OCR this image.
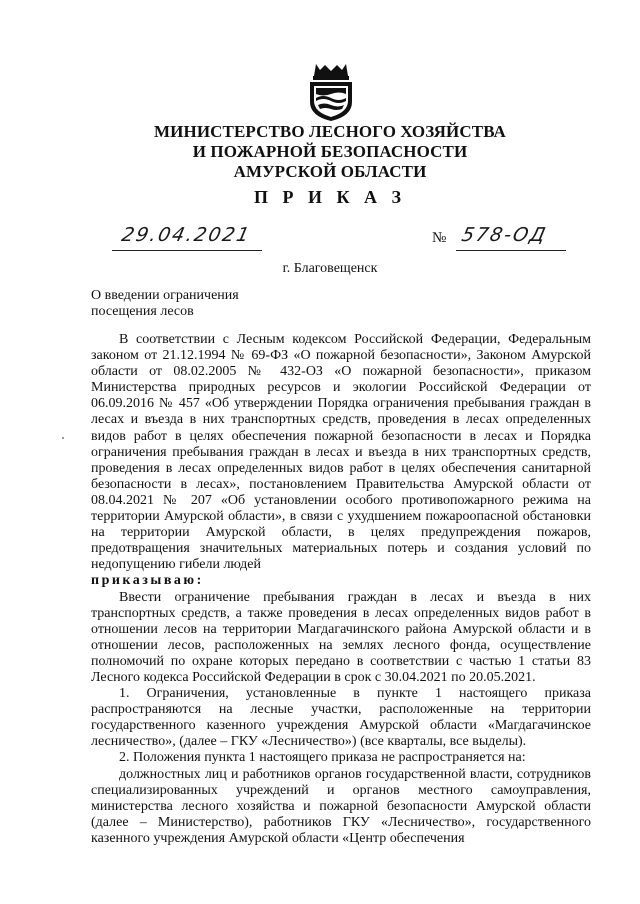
МИНИСТЕРСТВО ЛЕСНОГО ХОЗЯЙСТВА
И ПОЖАРНОЙ БЕЗОПАСНОСТИ
АМУРСКОЙ ОБЛАСТИ
П Р И К А З
29.04.2021	№ 578-ОД
г. Благовещенск
О введении ограничения
посещения лесов

В соответствии с Лесным кодексом Российской Федерации, Федеральным законом от 21.12.1994 № 69-ФЗ «О пожарной безопасности», Законом Амурской области от 08.02.2005 № 432-ОЗ «О пожарной безопасности», приказом Министерства природных ресурсов и экологии Российской Федерации от 06.09.2016 № 457 «Об утверждении Порядка ограничения пребывания граждан в лесах и въезда в них транспортных средств, проведения в лесах определенных видов работ в целях обеспечения пожарной безопасности в лесах и Порядка ограничения пребывания граждан в лесах и въезда в них транспортных средств, проведения в лесах определенных видов работ в целях обеспечения санитарной безопасности в лесах», постановлением Правительства Амурской области от 08.04.2021 № 207 «Об установлении особого противопожарного режима на территории Амурской области», в связи с ухудшением пожароопасной обстановки на территории Амурской области, в целях предупреждения пожаров, предотвращения значительных материальных потерь и создания условий по недопущению гибели людей

приказываю:

Ввести ограничение пребывания граждан в лесах и въезда в них транспортных средств, а также проведения в лесах определенных видов работ в отношении лесов на территории Магдагачинского района Амурской области и в отношении лесов, расположенных на землях лесного фонда, осуществление полномочий по охране которых передано в соответствии с частью 1 статьи 83 Лесного кодекса Российской Федерации в срок с 30.04.2021 по 20.05.2021.

1. Ограничения, установленные в пункте 1 настоящего приказа распространяются на лесные участки, расположенные на территории государственного казенного учреждения Амурской области «Магдагачинское лесничество», (далее – ГКУ «Лесничество») (все кварталы, все выделы).

2. Положения пункта 1 настоящего приказа не распространяется на:

должностных лиц и работников органов государственной власти, сотрудников специализированных учреждений и органов местного самоуправления, министерства лесного хозяйства и пожарной безопасности Амурской области (далее – Министерство), работников ГКУ «Лесничество», государственного казенного учреждения Амурской области «Центр обеспечения
